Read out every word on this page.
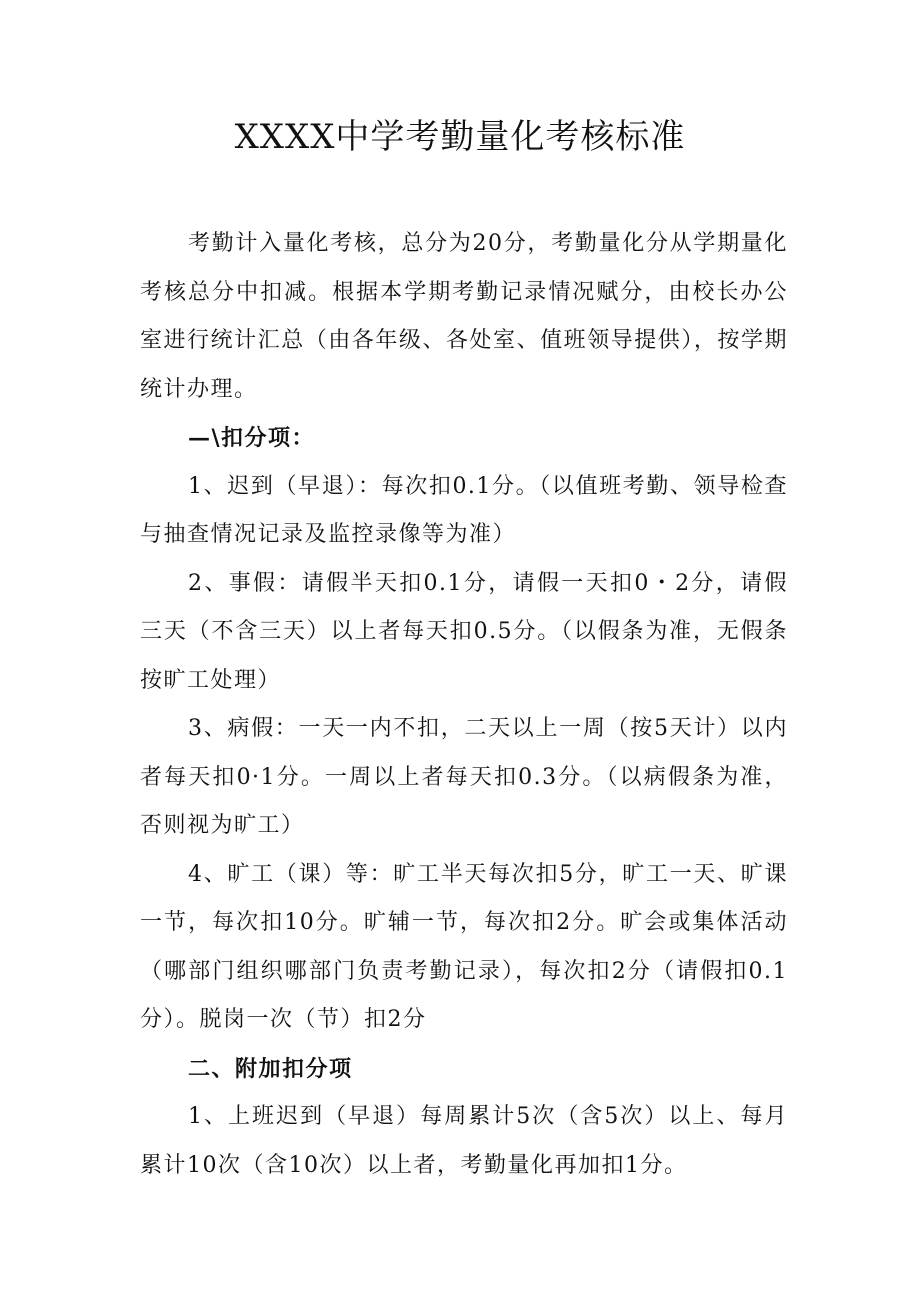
XXXX中学考勤量化考核标准

考勤计入量化考核，总分为20分，考勤量化分从学期量化考核总分中扣减。根据本学期考勤记录情况赋分，由校长办公室进行统计汇总（由各年级、各处室、值班领导提供），按学期统计办理。

—\扣分项：

1、迟到（早退）：每次扣0.1分。（以值班考勤、领导检查与抽查情况记录及监控录像等为准）

2、事假：请假半天扣0.1分，请假一天扣0・2分，请假三天（不含三天）以上者每天扣0.5分。（以假条为准，无假条按旷工处理）

3、病假：一天一内不扣，二天以上一周（按5天计）以内者每天扣0·1分。一周以上者每天扣0.3分。（以病假条为准，否则视为旷工）

4、旷工（课）等：旷工半天每次扣5分，旷工一天、旷课一节，每次扣10分。旷辅一节，每次扣2分。旷会或集体活动（哪部门组织哪部门负责考勤记录），每次扣2分（请假扣0.1分）。脱岗一次（节）扣2分

二、附加扣分项

1、上班迟到（早退）每周累计5次（含5次）以上、每月累计10次（含10次）以上者，考勤量化再加扣1分。
